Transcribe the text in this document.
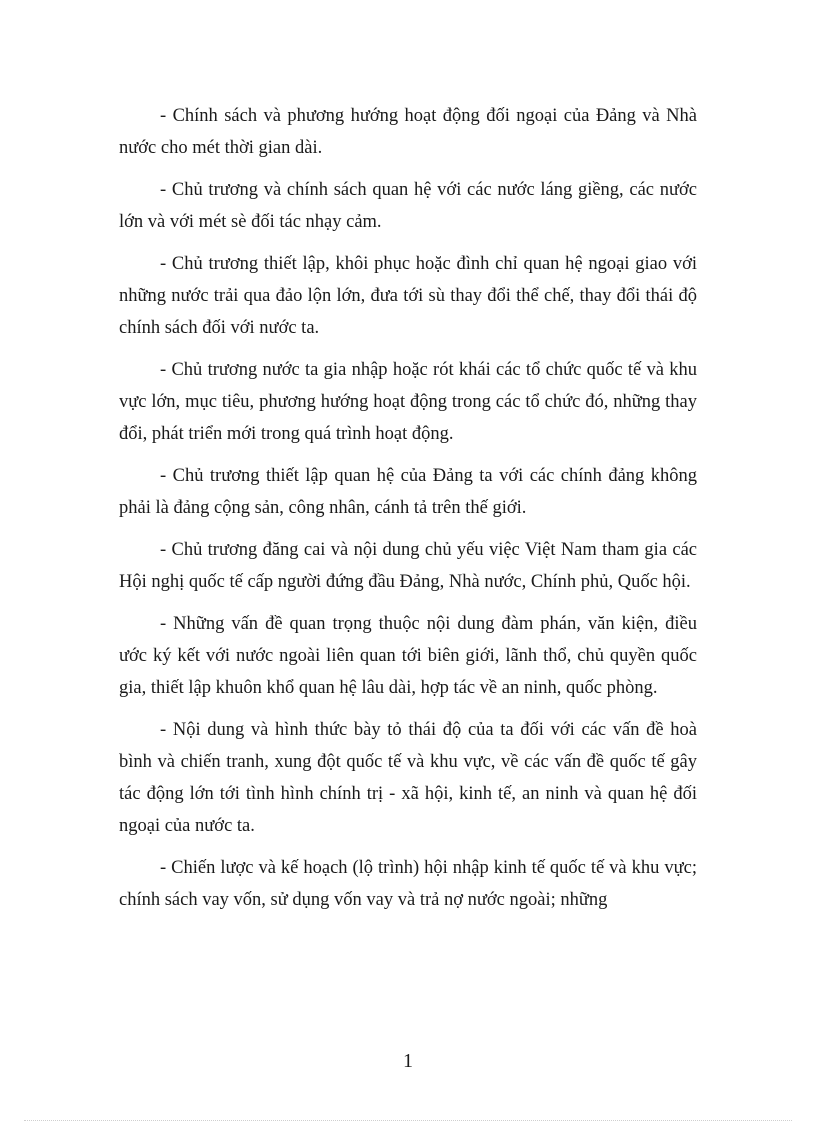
- Chính sách và phương hướng hoạt động đối ngoại của Đảng và Nhà nước cho mét thời gian dài.

- Chủ trương và chính sách quan hệ với các nước láng giềng, các nước lớn và với mét sè đối tác nhạy cảm.

- Chủ trương thiết lập, khôi phục hoặc đình chỉ quan hệ ngoại giao với những nước trải qua đảo lộn lớn, đưa tới sù thay đổi thể chế, thay đổi thái độ chính sách đối với nước ta.

- Chủ trương nước ta gia nhập hoặc rót khái các tổ chức quốc tế và khu vực lớn, mục tiêu, phương hướng hoạt động trong các tổ chức đó, những thay đổi, phát triển mới trong quá trình hoạt động.

- Chủ trương thiết lập quan hệ của Đảng ta với các chính đảng không phải là đảng cộng sản, công nhân, cánh tả trên thế giới.

- Chủ trương đăng cai và nội dung chủ yếu việc Việt Nam tham gia các Hội nghị quốc tế cấp người đứng đầu Đảng, Nhà nước, Chính phủ, Quốc hội.

- Những vấn đề quan trọng thuộc nội dung đàm phán, văn kiện, điều ước ký kết với nước ngoài liên quan tới biên giới, lãnh thổ, chủ quyền quốc gia, thiết lập khuôn khổ quan hệ lâu dài, hợp tác về an ninh, quốc phòng.

- Nội dung và hình thức bày tỏ thái độ của ta đối với các vấn đề hoà bình và chiến tranh, xung đột quốc tế và khu vực, về các vấn đề quốc tế gây tác động lớn tới tình hình chính trị - xã hội, kinh tế, an ninh và quan hệ đối ngoại của nước ta.

- Chiến lược và kế hoạch (lộ trình) hội nhập kinh tế quốc tế và khu vực; chính sách vay vốn, sử dụng vốn vay và trả nợ nước ngoài; những

1
